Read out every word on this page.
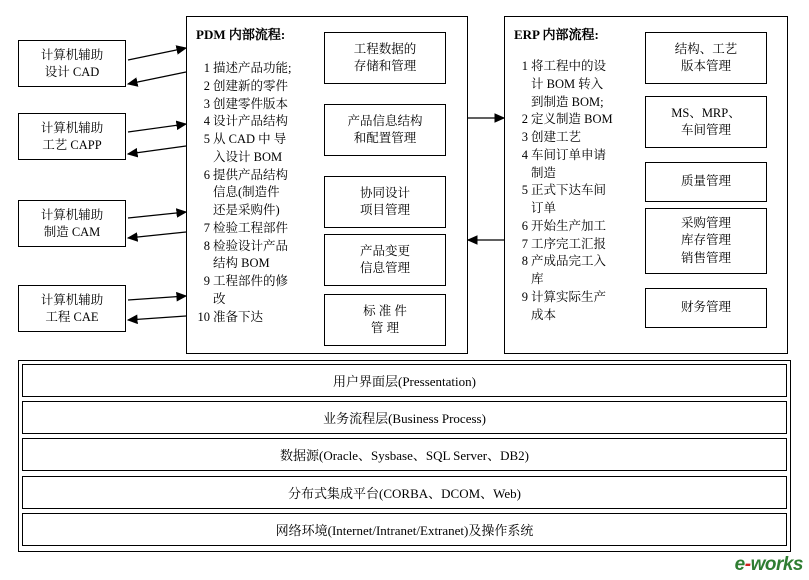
计算机辅助
设计 CAD
计算机辅助
工艺 CAPP
计算机辅助
制造 CAM
计算机辅助
工程 CAE
PDM 内部流程:
1 描述产品功能;
2 创建新的零件
3 创建零件版本
4 设计产品结构
5 从 CAD 中 导
入设计 BOM
6 提供产品结构
信息(制造件
还是采购件)
7 检验工程部件
8 检验设计产品
结构 BOM
9 工程部件的修
改
10 准备下达
工程数据的
存储和管理
产品信息结构
和配置管理
协同设计
项目管理
产品变更
信息管理
标 准 件
管 理
ERP 内部流程:
1 将工程中的设
计 BOM 转入
到制造 BOM;
2 定义制造 BOM
3 创建工艺
4 车间订单申请
制造
5 正式下达车间
订单
6 开始生产加工
7 工序完工汇报
8 产成品完工入
库
9 计算实际生产
成本
结构、工艺
版本管理
MS、MRP、
车间管理
质量管理
采购管理
库存管理
销售管理
财务管理
用户界面层(Pressentation)
业务流程层(Business Process)
数据源(Oracle、Sysbase、SQL Server、DB2)
分布式集成平台(CORBA、DCOM、Web)
网络环境(Internet/Intranet/Extranet)及操作系统
e-works
